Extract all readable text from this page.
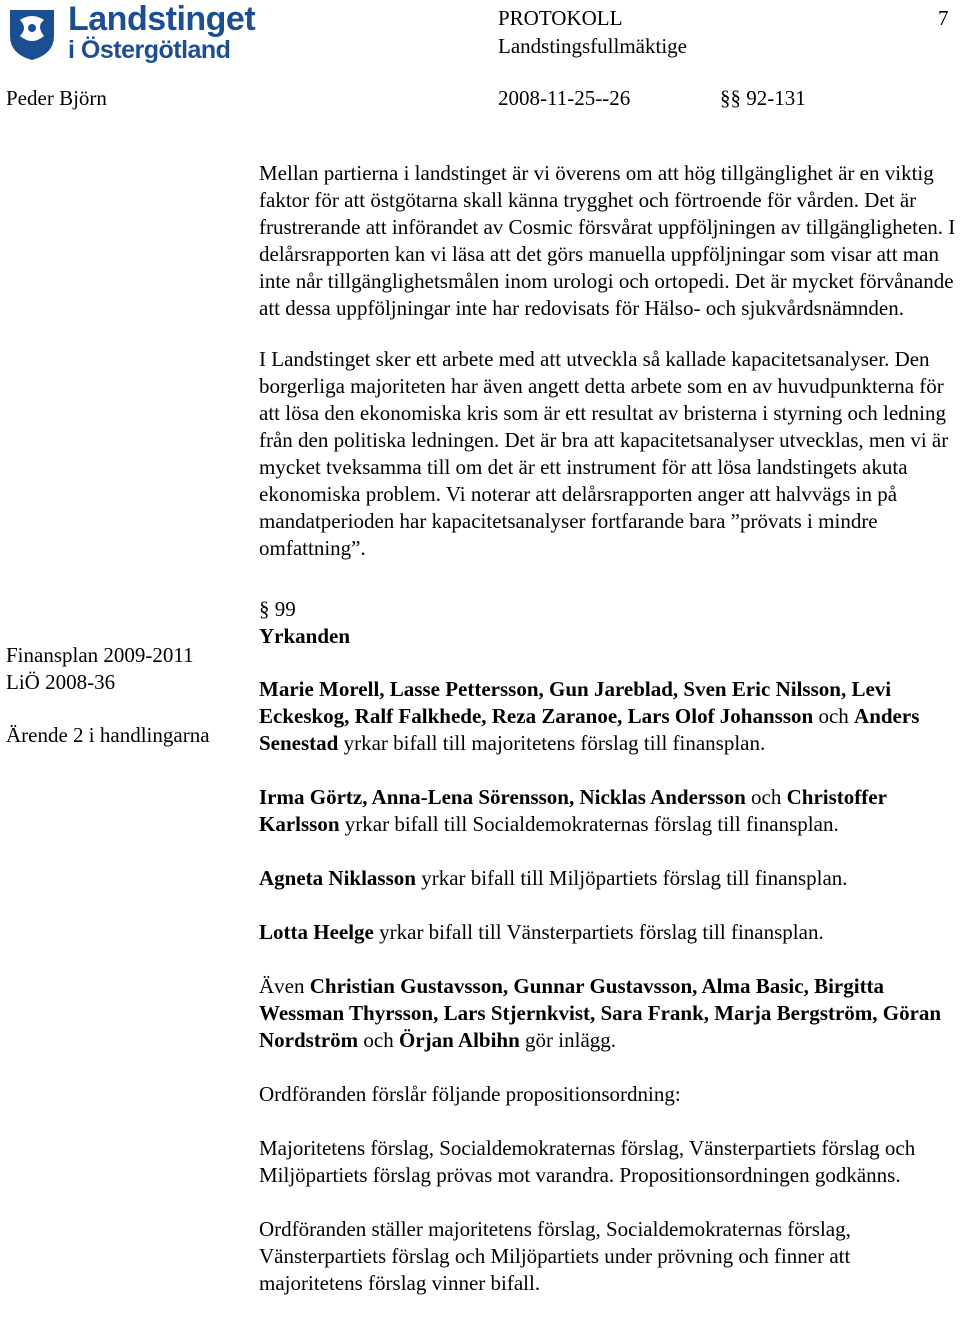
Landstinget
i Östergötland
PROTOKOLL
Landstingsfullmäktige
7
Peder Björn	2008-11-25--26	§§ 92-131
Finansplan 2009-2011
LiÖ 2008-36
Ärende 2 i handlingarna

Mellan partierna i landstinget är vi överens om att hög tillgänglighet är en viktig faktor för att östgötarna skall känna trygghet och förtroende för vården. Det är frustrerande att införandet av Cosmic försvårat uppföljningen av tillgängligheten. I delårsrapporten kan vi läsa att det görs manuella uppföljningar som visar att man inte når tillgänglighetsmålen inom urologi och ortopedi. Det är mycket förvånande att dessa uppföljningar inte har redovisats för Hälso- och sjukvårdsnämnden.

I Landstinget sker ett arbete med att utveckla så kallade kapacitetsanalyser. Den borgerliga majoriteten har även angett detta arbete som en av huvudpunkterna för att lösa den ekonomiska kris som är ett resultat av bristerna i styrning och ledning från den politiska ledningen. Det är bra att kapacitetsanalyser utvecklas, men vi är mycket tveksamma till om det är ett instrument för att lösa landstingets akuta ekonomiska problem. Vi noterar att delårsrapporten anger att halvvägs in på mandatperioden har kapacitetsanalyser fortfarande bara ”prövats i mindre omfattning”.

§ 99
Yrkanden

Marie Morell, Lasse Pettersson, Gun Jareblad, Sven Eric Nilsson, Levi Eckeskog, Ralf Falkhede, Reza Zaranoe, Lars Olof Johansson och Anders Senestad yrkar bifall till majoritetens förslag till finansplan.

Irma Görtz, Anna-Lena Sörensson, Nicklas Andersson och Christoffer Karlsson yrkar bifall till Socialdemokraternas förslag till finansplan.

Agneta Niklasson yrkar bifall till Miljöpartiets förslag till finansplan.

Lotta Heelge yrkar bifall till Vänsterpartiets förslag till finansplan.

Även Christian Gustavsson, Gunnar Gustavsson, Alma Basic, Birgitta Wessman Thyrsson, Lars Stjernkvist, Sara Frank, Marja Bergström, Göran Nordström och Örjan Albihn gör inlägg.

Ordföranden förslår följande propositionsordning:

Majoritetens förslag, Socialdemokraternas förslag, Vänsterpartiets förslag och Miljöpartiets förslag prövas mot varandra. Propositionsordningen godkänns.

Ordföranden ställer majoritetens förslag, Socialdemokraternas förslag, Vänsterpartiets förslag och Miljöpartiets under prövning och finner att majoritetens förslag vinner bifall.
